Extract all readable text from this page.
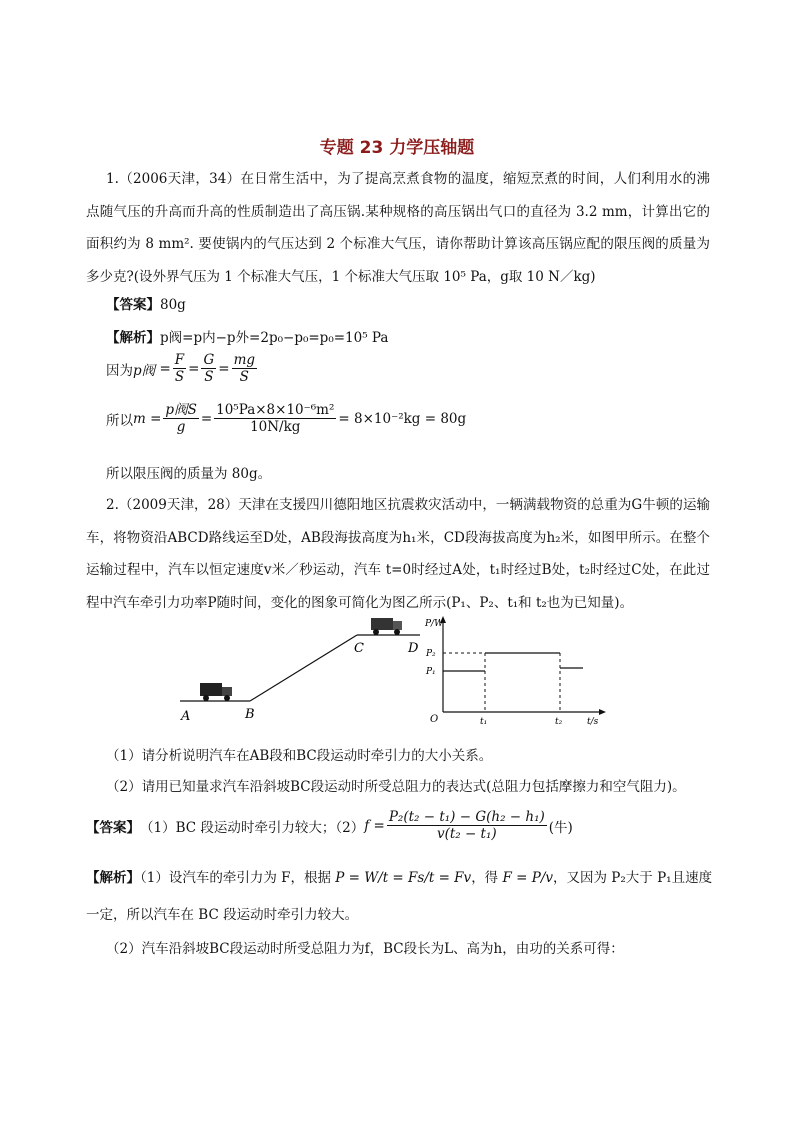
专题 23 力学压轴题
1.（2006天津，34）在日常生活中，为了提高烹煮食物的温度，缩短烹煮的时间，人们利用水的沸点随气压的升高而升高的性质制造出了高压锅.某种规格的高压锅出气口的直径为 3.2 mm，计算出它的面积约为 8 mm². 要使锅内的气压达到 2 个标准大气压，请你帮助计算该高压锅应配的限压阀的质量为多少克?(设外界气压为 1 个标准大气压，1 个标准大气压取 10⁵ Pa，g取 10 N／kg)
【答案】80g
【解析】p阀=p内−p外=2p₀−p₀=p₀=10⁵ Pa
因为 p阀 = $\frac{F}{S} = \frac{G}{S} = \frac{mg}{S}$
所以 $m = \frac{\text{p阀S}}{g} = \frac{\text{10⁵Pa×8×10⁻⁶m²}}{10N/kg} = 8\times 10^{-2}kg = 80g$
所以限压阀的质量为 80g。
2.（2009天津，28）天津在支援四川德阳地区抗震救灾活动中，一辆满载物资的总重为G牛顿的运输车，将物资沿ABCD路线运至D处，AB段海拔高度为h₁米，CD段海拔高度为h₂米，如图甲所示。在整个运输过程中，汽车以恒定速度v米／秒运动，汽车 t=0时经过A处，t₁时经过B处，t₂时经过C处，在此过程中汽车牵引力功率P随时间，变化的图象可简化为图乙所示(P₁、P₂、t₁和 t₂也为已知量)。
A	B
C	D
P/W
t/s
O
P₂
P₁
t₁	t₂
（1）请分析说明汽车在AB段和BC段运动时牵引力的大小关系。
（2）请用已知量求汽车沿斜坡BC段运动时所受总阻力的表达式(总阻力包括摩擦力和空气阻力)。
【答案】 （1）BC 段运动时牵引力较大；（2） $f = \frac{\text{P₂(t₂ − t₁) − G(h₂ − h₁)}}{\text{v(t₂ − t₁)}}$ (牛)
【解析】（1）设汽车的牵引力为 F，根据 P = W/t = Fs/t = Fv，得 F = P/v，又因为 P₂大于 P₁且速度
一定，所以汽车在 BC 段运动时牵引力较大。
（2）汽车沿斜坡BC段运动时所受总阻力为f，BC段长为L、高为h，由功的关系可得：
